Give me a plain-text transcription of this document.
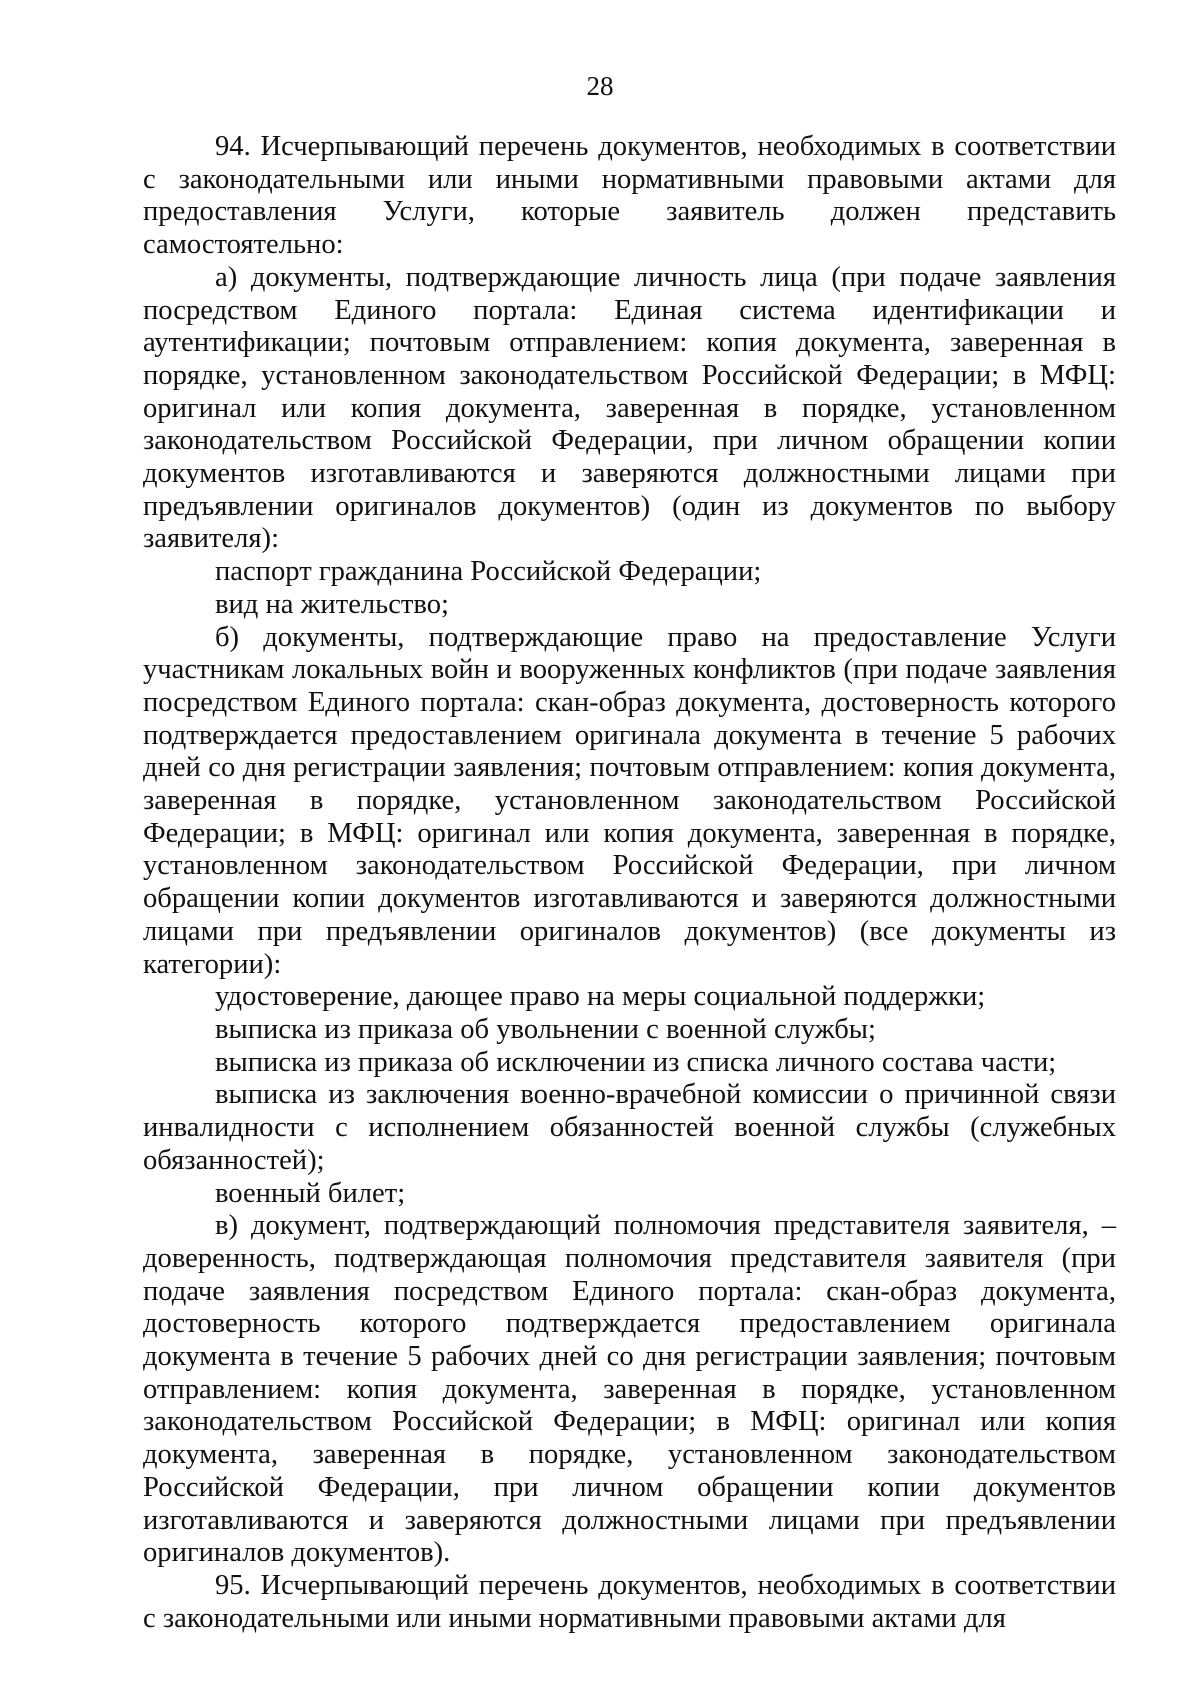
28

94. Исчерпывающий перечень документов, необходимых в соответствии с законодательными или иными нормативными правовыми актами для предоставления Услуги, которые заявитель должен представить самостоятельно:

а) документы, подтверждающие личность лица (при подаче заявления посредством Единого портала: Единая система идентификации и аутентификации; почтовым отправлением: копия документа, заверенная в порядке, установленном законодательством Российской Федерации; в МФЦ: оригинал или копия документа, заверенная в порядке, установленном законодательством Российской Федерации, при личном обращении копии документов изготавливаются и заверяются должностными лицами при предъявлении оригиналов документов) (один из документов по выбору заявителя):

паспорт гражданина Российской Федерации;

вид на жительство;

б) документы, подтверждающие право на предоставление Услуги участникам локальных войн и вооруженных конфликтов (при подаче заявления посредством Единого портала: скан-образ документа, достоверность которого подтверждается предоставлением оригинала документа в течение 5 рабочих дней со дня регистрации заявления; почтовым отправлением: копия документа, заверенная в порядке, установленном законодательством Российской Федерации; в МФЦ: оригинал или копия документа, заверенная в порядке, установленном законодательством Российской Федерации, при личном обращении копии документов изготавливаются и заверяются должностными лицами при предъявлении оригиналов документов) (все документы из категории):

удостоверение, дающее право на меры социальной поддержки;

выписка из приказа об увольнении с военной службы;

выписка из приказа об исключении из списка личного состава части;

выписка из заключения военно-врачебной комиссии о причинной связи инвалидности с исполнением обязанностей военной службы (служебных обязанностей);

военный билет;

в) документ, подтверждающий полномочия представителя заявителя, – доверенность, подтверждающая полномочия представителя заявителя (при подаче заявления посредством Единого портала: скан-образ документа, достоверность которого подтверждается предоставлением оригинала документа в течение 5 рабочих дней со дня регистрации заявления; почтовым отправлением: копия документа, заверенная в порядке, установленном законодательством Российской Федерации; в МФЦ: оригинал или копия документа, заверенная в порядке, установленном законодательством Российской Федерации, при личном обращении копии документов изготавливаются и заверяются должностными лицами при предъявлении оригиналов документов).

95. Исчерпывающий перечень документов, необходимых в соответствии с законодательными или иными нормативными правовыми актами для
